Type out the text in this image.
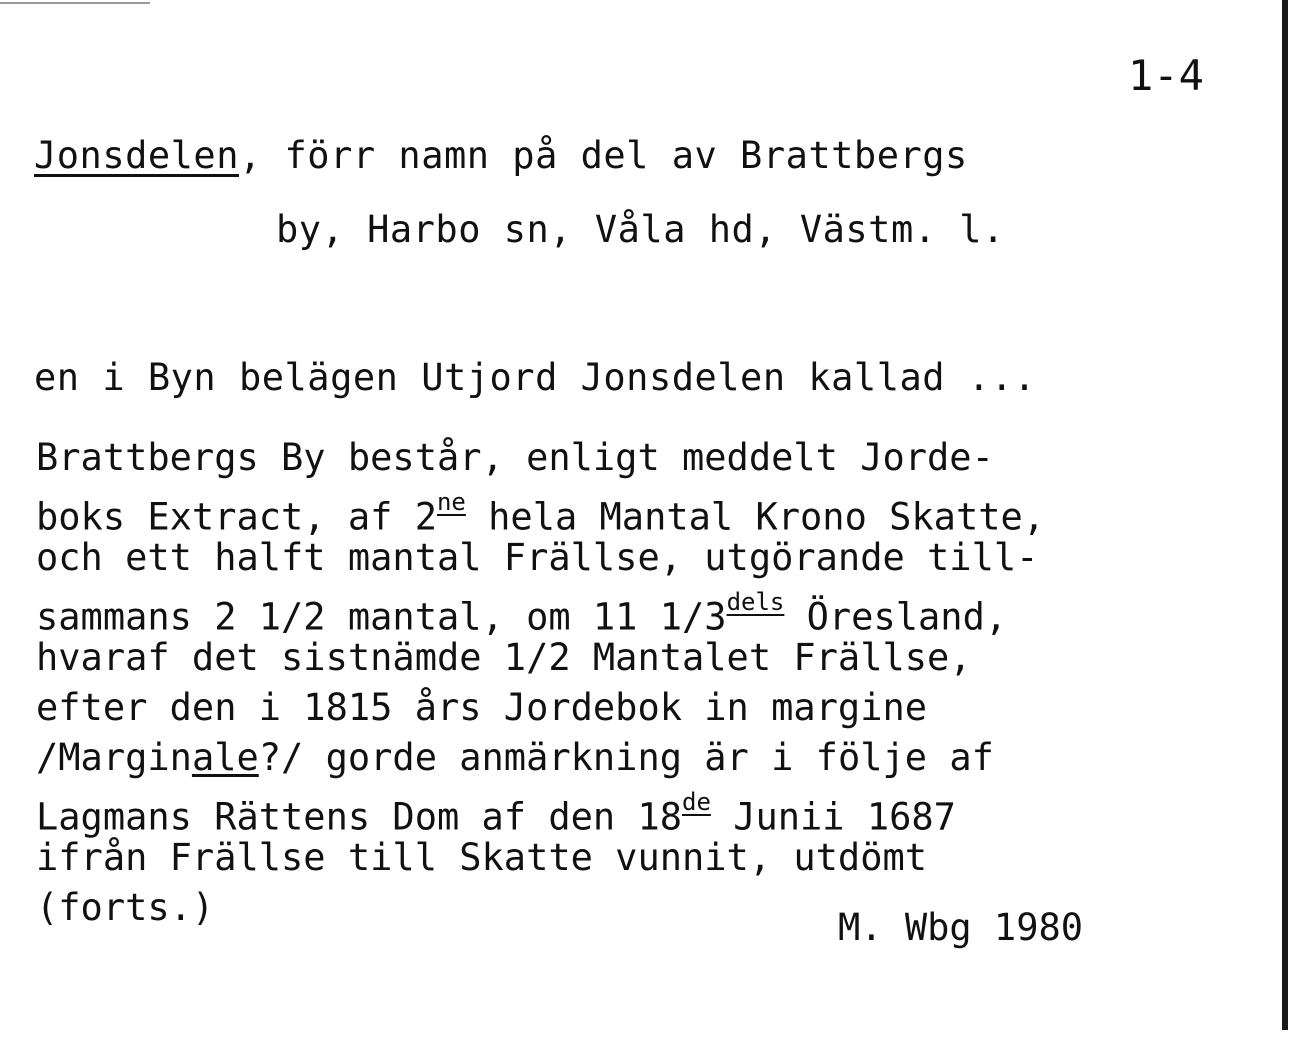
1-4
Jonsdelen, förr namn på del av Brattbergs
by, Harbo sn, Våla hd, Västm. l.
en i Byn belägen Utjord Jonsdelen kallad ...
Brattbergs By består, enligt meddelt Jorde-
boks Extract, af $2^{ne}$ hela Mantal Krono Skatte,
och ett halft mantal Frällse, utgörande till-
sammans 2 1/2 mantal, om 11 $1/3^{dels}$ Öresland,
hvaraf det sistnämde 1/2 Mantalet Frällse,
efter den i 1815 års Jordebok in margine
/Marginale?/ gorde anmärkning är i följe af
Lagmans Rättens Dom af den 18de Junii 1687
ifrån Frällse till Skatte vunnit, utdömt
(forts.)	M. Wbg 1980
